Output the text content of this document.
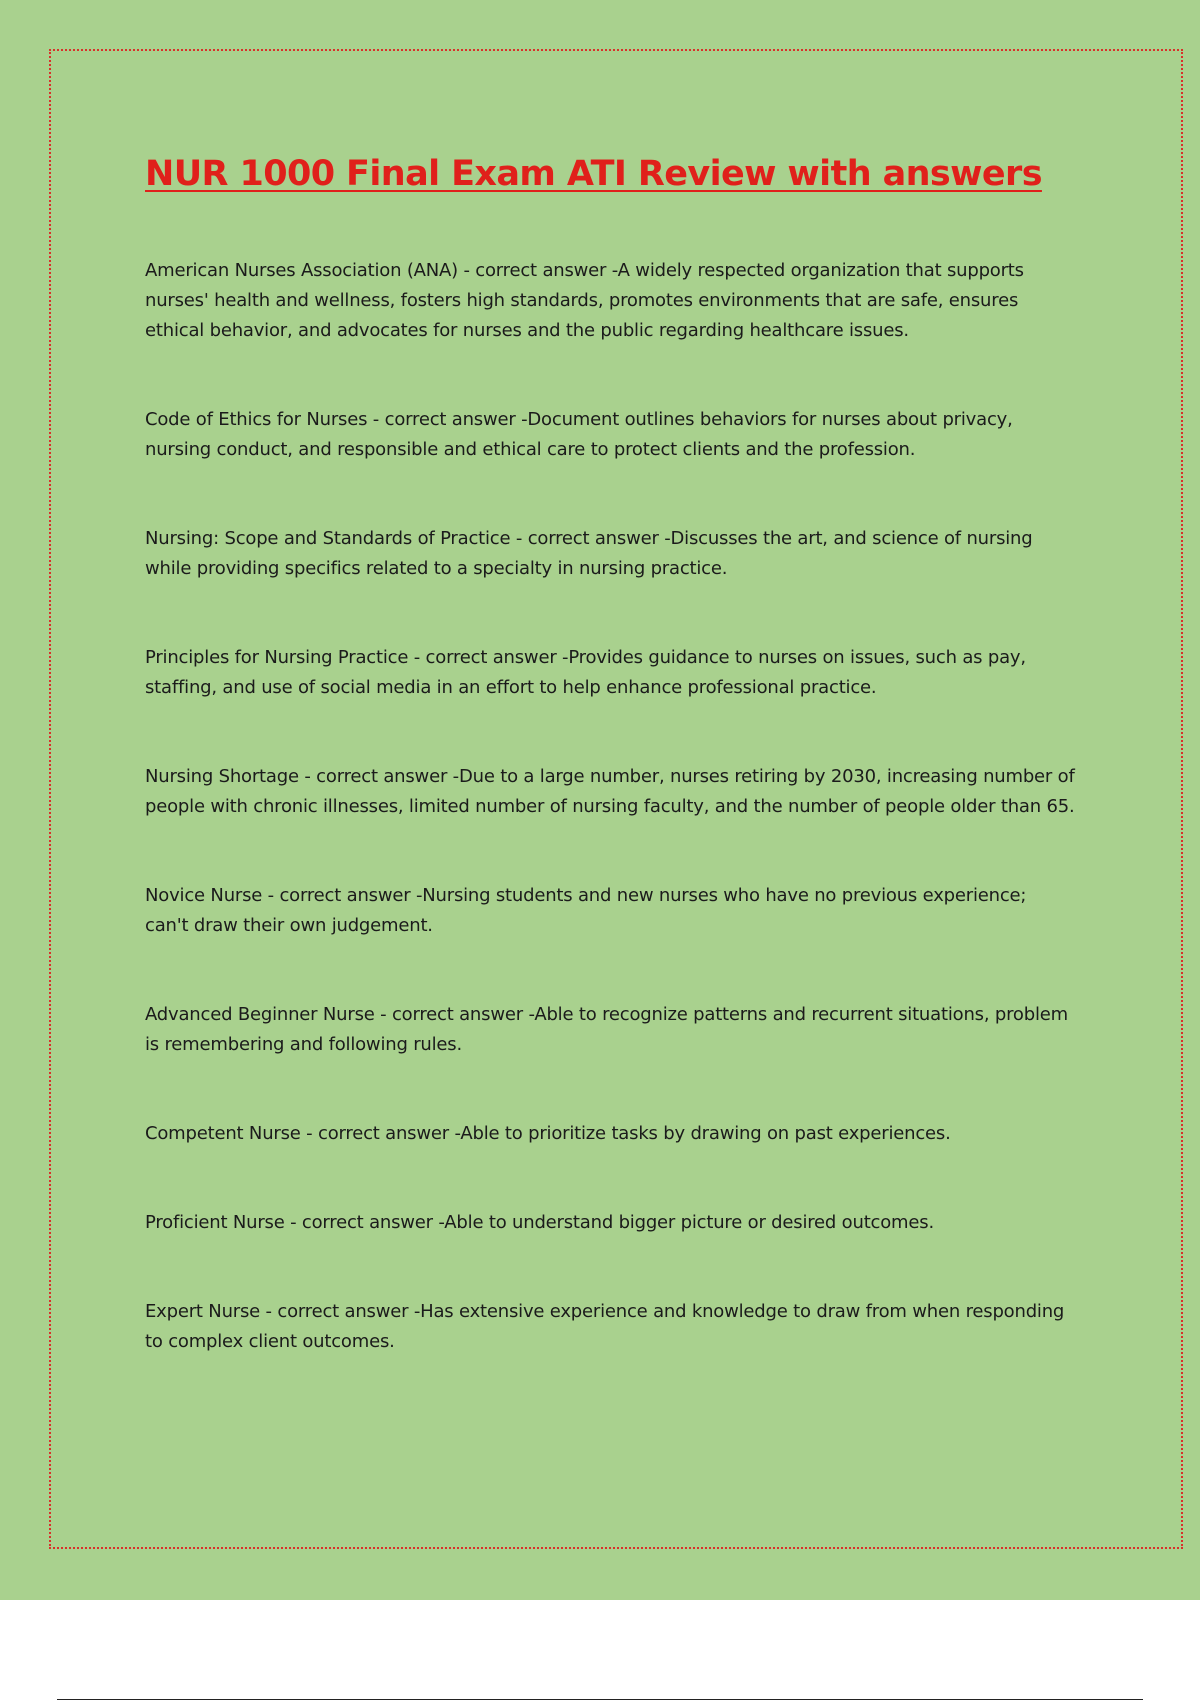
NUR 1000 Final Exam ATI Review with answers

American Nurses Association (ANA) - correct answer -A widely respected organization that supports nurses' health and wellness, fosters high standards, promotes environments that are safe, ensures ethical behavior, and advocates for nurses and the public regarding healthcare issues.

Code of Ethics for Nurses - correct answer -Document outlines behaviors for nurses about privacy, nursing conduct, and responsible and ethical care to protect clients and the profession.

Nursing: Scope and Standards of Practice - correct answer -Discusses the art, and science of nursing while providing specifics related to a specialty in nursing practice.

Principles for Nursing Practice - correct answer -Provides guidance to nurses on issues, such as pay, staffing, and use of social media in an effort to help enhance professional practice.

Nursing Shortage - correct answer -Due to a large number, nurses retiring by 2030, increasing number of people with chronic illnesses, limited number of nursing faculty, and the number of people older than 65.

Novice Nurse - correct answer -Nursing students and new nurses who have no previous experience; can't draw their own judgement.

Advanced Beginner Nurse - correct answer -Able to recognize patterns and recurrent situations, problem is remembering and following rules.

Competent Nurse - correct answer -Able to prioritize tasks by drawing on past experiences.

Proficient Nurse - correct answer -Able to understand bigger picture or desired outcomes.

Expert Nurse - correct answer -Has extensive experience and knowledge to draw from when responding to complex client outcomes.
